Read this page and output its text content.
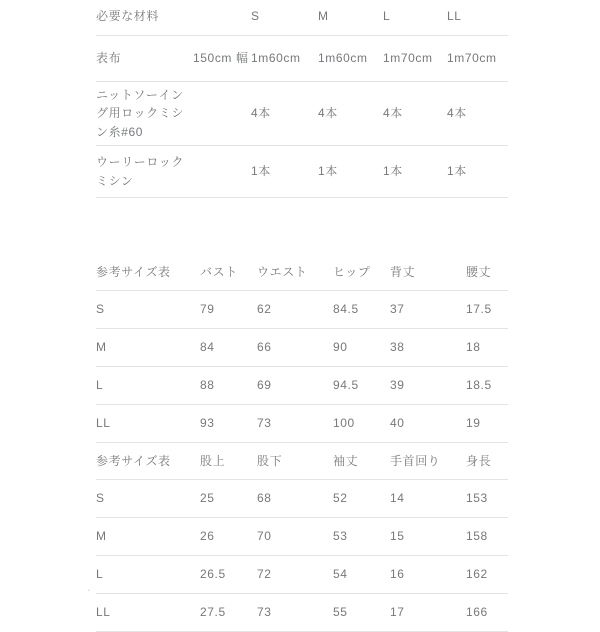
必要な材料		S	M	L	LL
表布	150cm 幅	1m60cm	1m60cm	1m70cm	1m70cm
ニットソーイング用ロックミシン糸#60		4本	4本	4本	4本
ウーリーロックミシン		1本	1本	1本	1本
参考サイズ表	バスト	ウエスト	ヒップ	背丈	腰丈
S	79	62	84.5	37	17.5
M	84	66	90	38	18
L	88	69	94.5	39	18.5
LL	93	73	100	40	19
参考サイズ表	股上	股下	袖丈	手首回り	身長
S	25	68	52	14	153
M	26	70	53	15	158
L	26.5	72	54	16	162
LL	27.5	73	55	17	166
″
